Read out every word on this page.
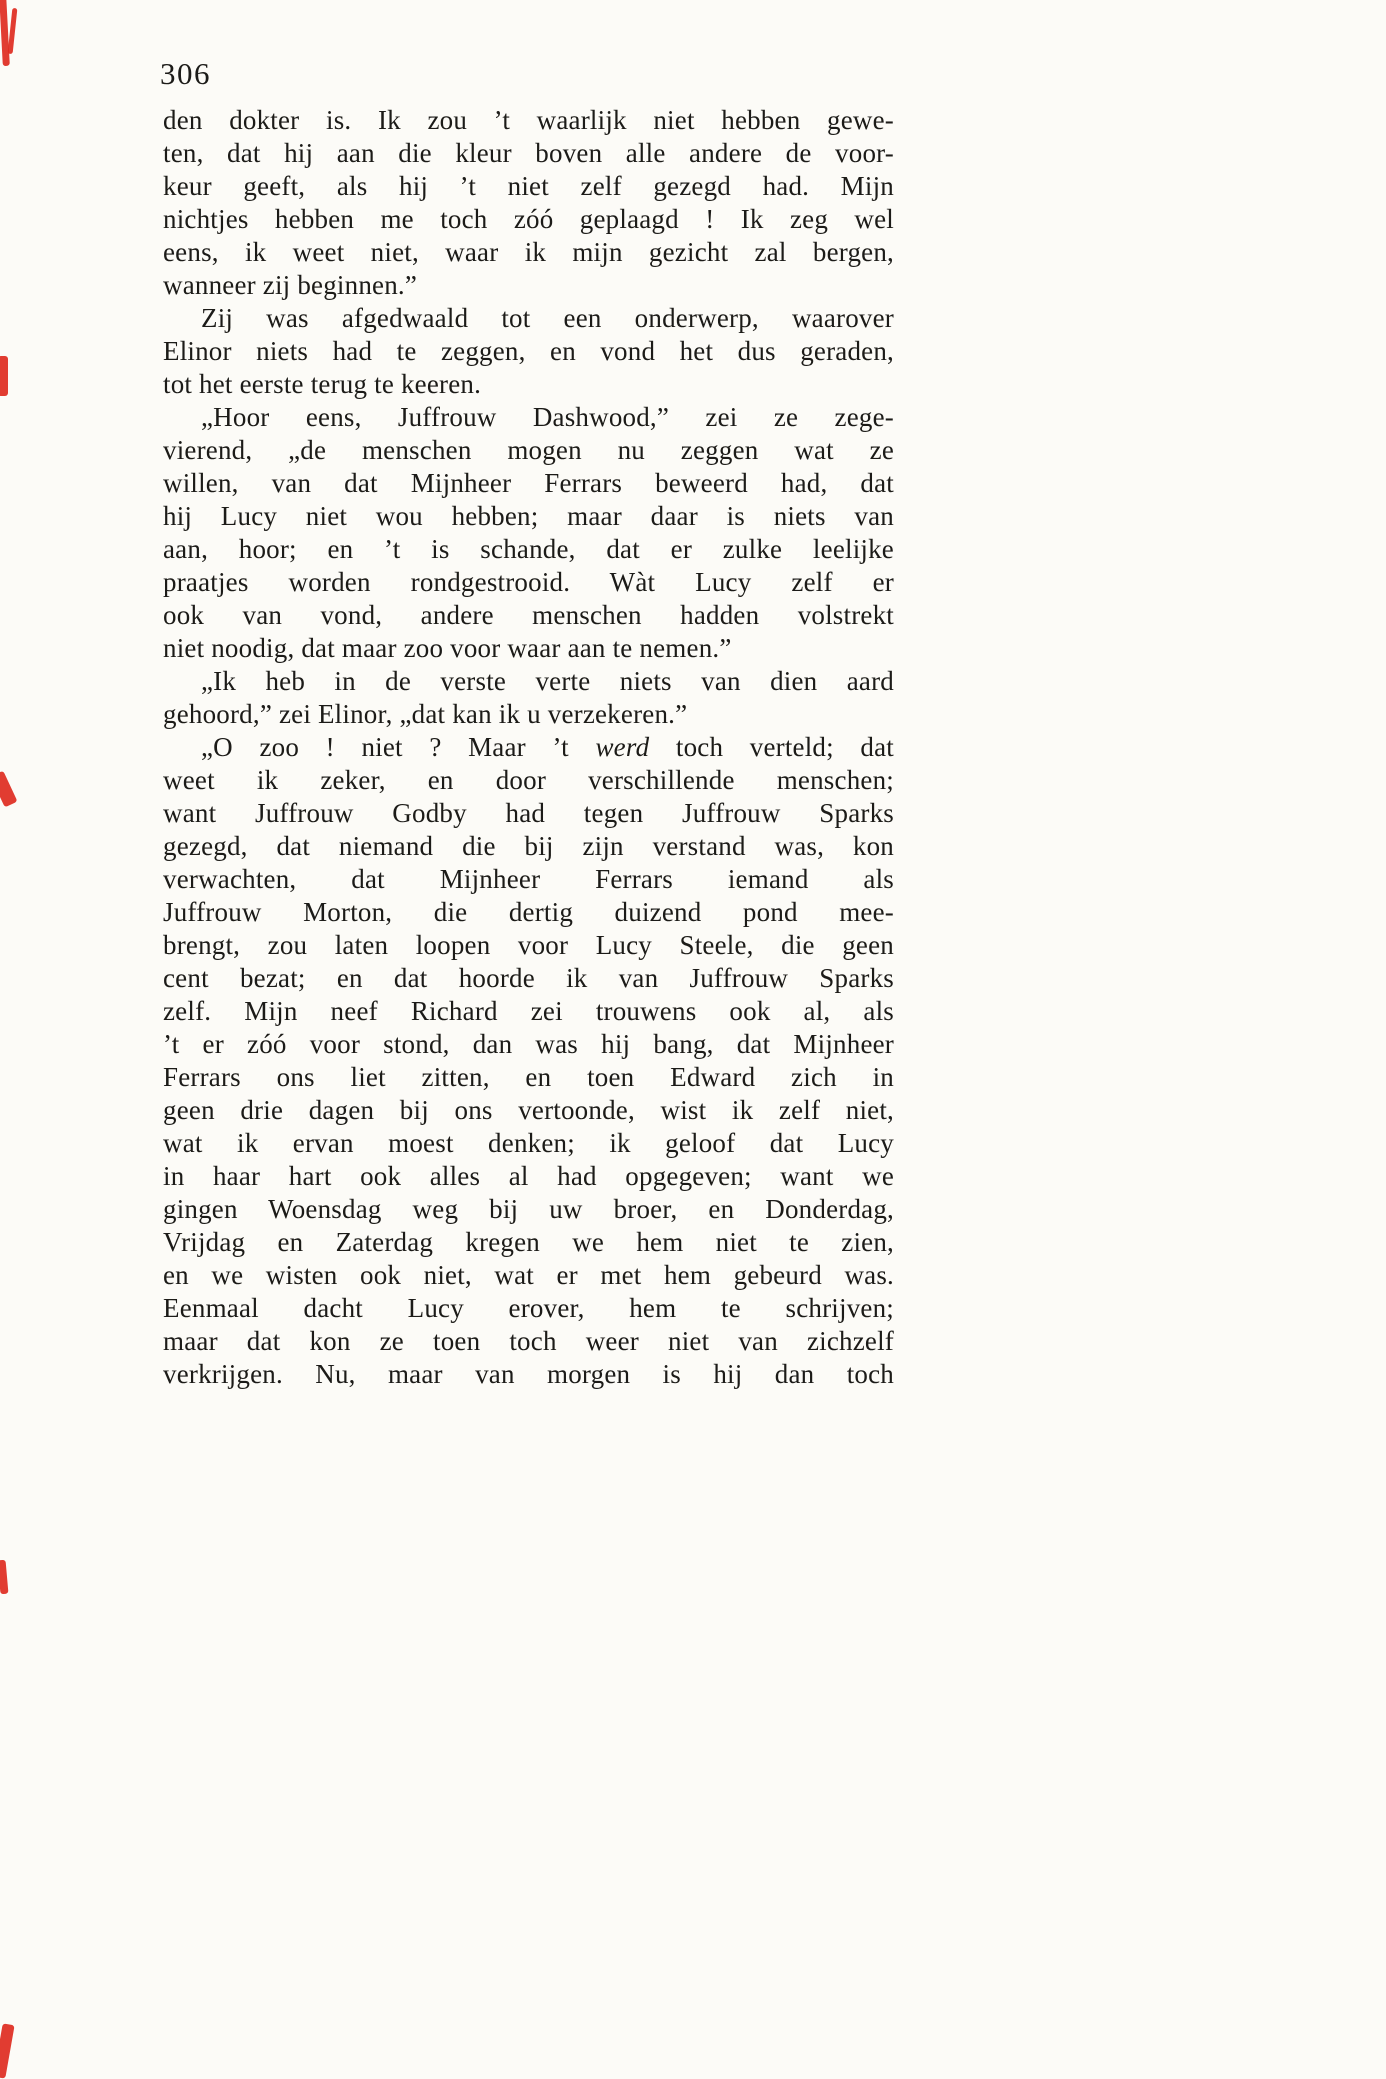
306
den dokter is. Ik zou ’t waarlijk niet hebben gewe-
ten, dat hij aan die kleur boven alle andere de voor-
keur geeft, als hij ’t niet zelf gezegd had. Mijn
nichtjes hebben me toch zóó geplaagd ! Ik zeg wel
eens, ik weet niet, waar ik mijn gezicht zal bergen,
wanneer zij beginnen.”
Zij was afgedwaald tot een onderwerp, waarover
Elinor niets had te zeggen, en vond het dus geraden,
tot het eerste terug te keeren.
„Hoor eens, Juffrouw Dashwood,” zei ze zege-
vierend, „de menschen mogen nu zeggen wat ze
willen, van dat Mijnheer Ferrars beweerd had, dat
hij Lucy niet wou hebben; maar daar is niets van
aan, hoor; en ’t is schande, dat er zulke leelijke
praatjes worden rondgestrooid. Wàt Lucy zelf er
ook van vond, andere menschen hadden volstrekt
niet noodig, dat maar zoo voor waar aan te nemen.”
„Ik heb in de verste verte niets van dien aard
gehoord,” zei Elinor, „dat kan ik u verzekeren.”
„O zoo ! niet ? Maar ’t werd toch verteld; dat
weet ik zeker, en door verschillende menschen;
want Juffrouw Godby had tegen Juffrouw Sparks
gezegd, dat niemand die bij zijn verstand was, kon
verwachten, dat Mijnheer Ferrars iemand als
Juffrouw Morton, die dertig duizend pond mee-
brengt, zou laten loopen voor Lucy Steele, die geen
cent bezat; en dat hoorde ik van Juffrouw Sparks
zelf. Mijn neef Richard zei trouwens ook al, als
’t er zóó voor stond, dan was hij bang, dat Mijnheer
Ferrars ons liet zitten, en toen Edward zich in
geen drie dagen bij ons vertoonde, wist ik zelf niet,
wat ik ervan moest denken; ik geloof dat Lucy
in haar hart ook alles al had opgegeven; want we
gingen Woensdag weg bij uw broer, en Donderdag,
Vrijdag en Zaterdag kregen we hem niet te zien,
en we wisten ook niet, wat er met hem gebeurd was.
Eenmaal dacht Lucy erover, hem te schrijven;
maar dat kon ze toen toch weer niet van zichzelf
verkrijgen. Nu, maar van morgen is hij dan toch
